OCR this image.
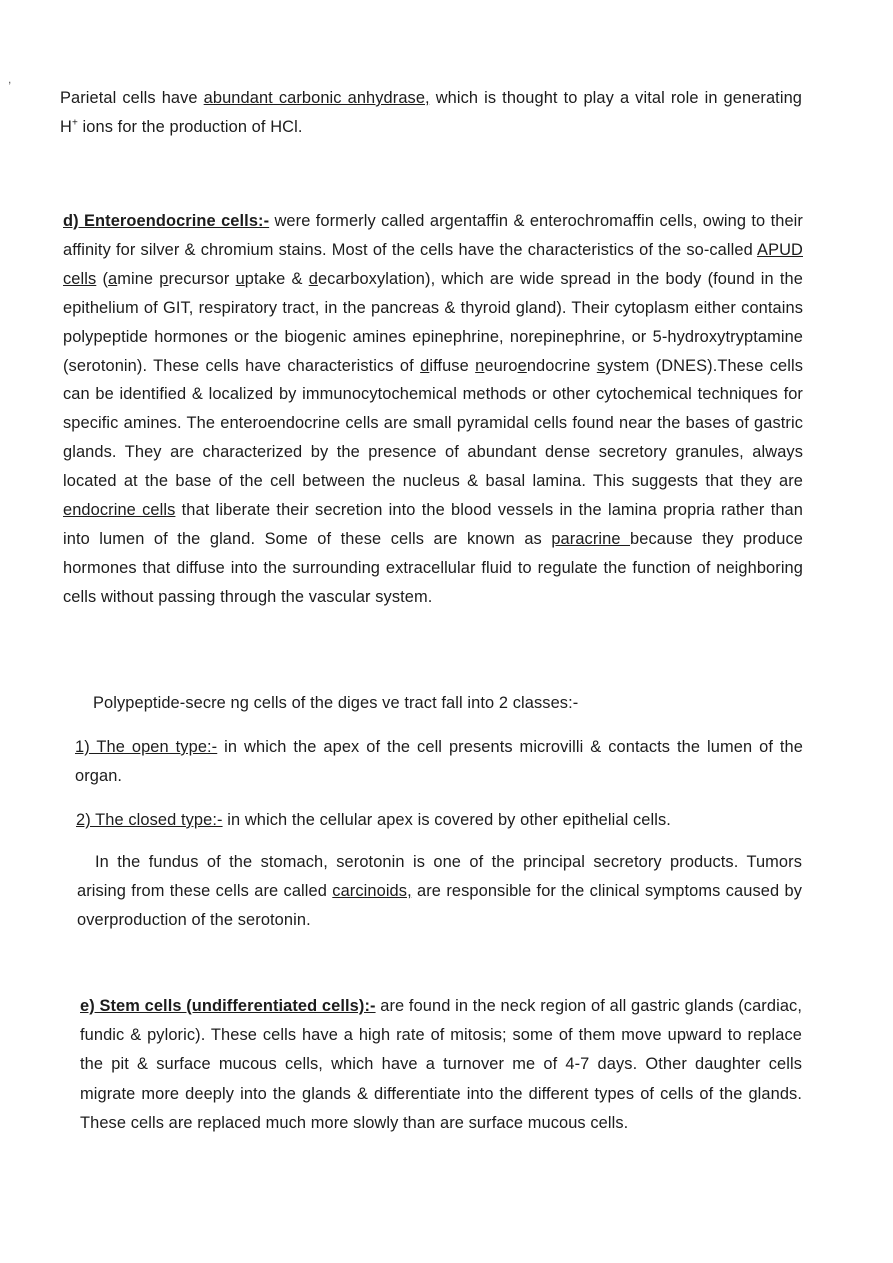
,

Parietal cells have abundant carbonic anhydrase, which is thought to play a vital role in generating H+ ions for the production of HCl.

d) Enteroendocrine cells:- were formerly called argentaffin & enterochromaffin cells, owing to their affinity for silver & chromium stains. Most of the cells have the characteristics of the so-called APUD cells (amine precursor uptake & decarboxylation), which are wide spread in the body (found in the epithelium of GIT, respiratory tract, in the pancreas & thyroid gland). Their cytoplasm either contains polypeptide hormones or the biogenic amines epinephrine, norepinephrine, or 5-hydroxytryptamine (serotonin). These cells have characteristics of diffuse neuroendocrine system (DNES).These cells can be identified & localized by immunocytochemical methods or other cytochemical techniques for specific amines. The enteroendocrine cells are small pyramidal cells found near the bases of gastric glands. They are characterized by the presence of abundant dense secretory granules, always located at the base of the cell between the nucleus & basal lamina. This suggests that they are endocrine cells that liberate their secretion into the blood vessels in the lamina propria rather than into lumen of the gland. Some of these cells are known as paracrine because they produce hormones that diffuse into the surrounding extracellular fluid to regulate the function of neighboring cells without passing through the vascular system.

Polypeptide-secre ng cells of the diges ve tract fall into 2 classes:-

1) The open type:- in which the apex of the cell presents microvilli & contacts the lumen of the organ.

2) The closed type:- in which the cellular apex is covered by other epithelial cells.

In the fundus of the stomach, serotonin is one of the principal secretory products. Tumors arising from these cells are called carcinoids, are responsible for the clinical symptoms caused by overproduction of the serotonin.

e) Stem cells (undifferentiated cells):- are found in the neck region of all gastric glands (cardiac, fundic & pyloric). These cells have a high rate of mitosis; some of them move upward to replace the pit & surface mucous cells, which have a turnover me of 4-7 days. Other daughter cells migrate more deeply into the glands & differentiate into the different types of cells of the glands. These cells are replaced much more slowly than are surface mucous cells.
